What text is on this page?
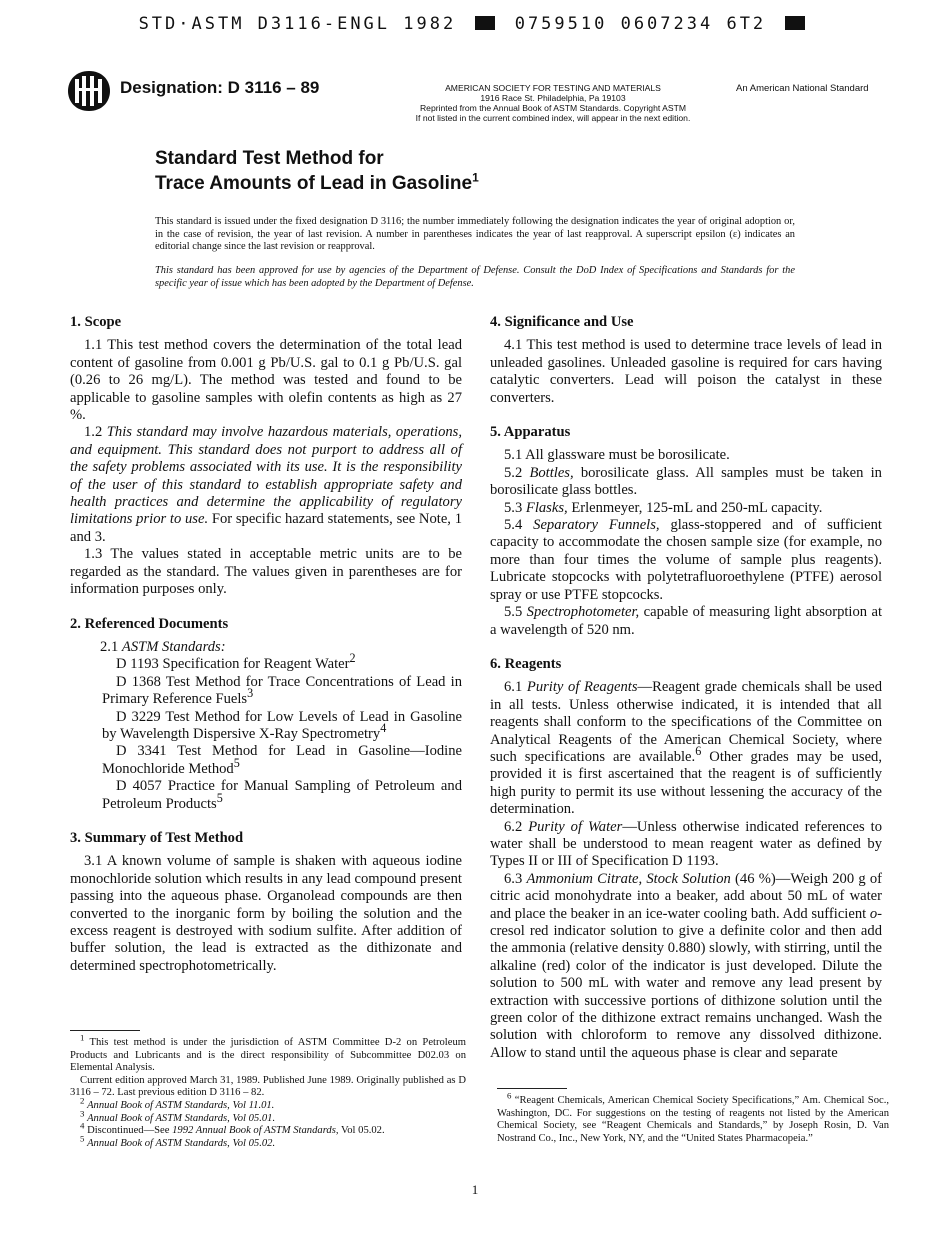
STD·ASTM D3116-ENGL 1982	0759510 0607234 6T2
Designation: D 3116 – 89	AMERICAN SOCIETY FOR TESTING AND MATERIALS
1916 Race St. Philadelphia, Pa 19103
Reprinted from the Annual Book of ASTM Standards. Copyright ASTM
If not listed in the current combined index, will appear in the next edition.
An American National Standard
Standard Test Method for
Trace Amounts of Lead in Gasoline$^1$
This standard is issued under the fixed designation D 3116; the number immediately following the designation indicates the year of original adoption or, in the case of revision, the year of last revision. A number in parentheses indicates the year of last reapproval. A superscript epsilon (ε) indicates an editorial change since the last revision or reapproval.
This standard has been approved for use by agencies of the Department of Defense. Consult the DoD Index of Specifications and Standards for the specific year of issue which has been adopted by the Department of Defense.
1. Scope

1.1 This test method covers the determination of the total lead content of gasoline from 0.001 g Pb/U.S. gal to 0.1 g Pb/U.S. gal (0.26 to 26 mg/L). The method was tested and found to be applicable to gasoline samples with olefin contents as high as 27 %.

1.2 This standard may involve hazardous materials, operations, and equipment. This standard does not purport to address all of the safety problems associated with its use. It is the responsibility of the user of this standard to establish appropriate safety and health practices and determine the applicability of regulatory limitations prior to use. For specific hazard statements, see Note, 1 and 3.

1.3 The values stated in acceptable metric units are to be regarded as the standard. The values given in parentheses are for information purposes only.

2. Referenced Documents

2.1 ASTM Standards:

D 1193 Specification for Reagent Water$^2$

D 1368 Test Method for Trace Concentrations of Lead in Primary Reference Fuels$^3$

D 3229 Test Method for Low Levels of Lead in Gasoline by Wavelength Dispersive X-Ray Spectrometry$^4$

D 3341 Test Method for Lead in Gasoline—Iodine Monochloride Method$^5$

D 4057 Practice for Manual Sampling of Petroleum and Petroleum Products$^5$

3. Summary of Test Method

3.1 A known volume of sample is shaken with aqueous iodine monochloride solution which results in any lead compound present passing into the aqueous phase. Organolead compounds are then converted to the inorganic form by boiling the solution and the excess reagent is destroyed with sodium sulfite. After addition of buffer solution, the lead is extracted as the dithizonate and determined spectrophotometrically.

4. Significance and Use

4.1 This test method is used to determine trace levels of lead in unleaded gasolines. Unleaded gasoline is required for cars having catalytic converters. Lead will poison the catalyst in these converters.

5. Apparatus

5.1 All glassware must be borosilicate.

5.2 Bottles, borosilicate glass. All samples must be taken in borosilicate glass bottles.

5.3 Flasks, Erlenmeyer, 125-mL and 250-mL capacity.

5.4 Separatory Funnels, glass-stoppered and of sufficient capacity to accommodate the chosen sample size (for example, no more than four times the volume of sample plus reagents). Lubricate stopcocks with polytetrafluoroethylene (PTFE) aerosol spray or use PTFE stopcocks.

5.5 Spectrophotometer, capable of measuring light absorption at a wavelength of 520 nm.

6. Reagents

6.1 Purity of Reagents—Reagent grade chemicals shall be used in all tests. Unless otherwise indicated, it is intended that all reagents shall conform to the specifications of the Committee on Analytical Reagents of the American Chemical Society, where such specifications are available.$^6$ Other grades may be used, provided it is first ascertained that the reagent is of sufficiently high purity to permit its use without lessening the accuracy of the determination.

6.2 Purity of Water—Unless otherwise indicated references to water shall be understood to mean reagent water as defined by Types II or III of Specification D 1193.

6.3 Ammonium Citrate, Stock Solution (46 %)—Weigh 200 g of citric acid monohydrate into a beaker, add about 50 mL of water and place the beaker in an ice-water cooling bath. Add sufficient o-cresol red indicator solution to give a definite color and then add the ammonia (relative density 0.880) slowly, with stirring, until the alkaline (red) color of the indicator is just developed. Dilute the solution to 500 mL with water and remove any lead present by extraction with successive portions of dithizone solution until the green color of the dithizone extract remains unchanged. Wash the solution with chloroform to remove any dissolved dithizone. Allow to stand until the aqueous phase is clear and separate

$^1$ This test method is under the jurisdiction of ASTM Committee D-2 on Petroleum Products and Lubricants and is the direct responsibility of Subcommittee D02.03 on Elemental Analysis.

Current edition approved March 31, 1989. Published June 1989. Originally published as D 3116 – 72. Last previous edition D 3116 – 82.

$^2$ Annual Book of ASTM Standards, Vol 11.01.

$^3$ Annual Book of ASTM Standards, Vol 05.01.

$^4$ Discontinued—See 1992 Annual Book of ASTM Standards, Vol 05.02.

$^5$ Annual Book of ASTM Standards, Vol 05.02.

$^6$ “Reagent Chemicals, American Chemical Society Specifications,” Am. Chemical Soc., Washington, DC. For suggestions on the testing of reagents not listed by the American Chemical Society, see “Reagent Chemicals and Standards,” by Joseph Rosin, D. Van Nostrand Co., Inc., New York, NY, and the “United States Pharmacopeia.”

1
